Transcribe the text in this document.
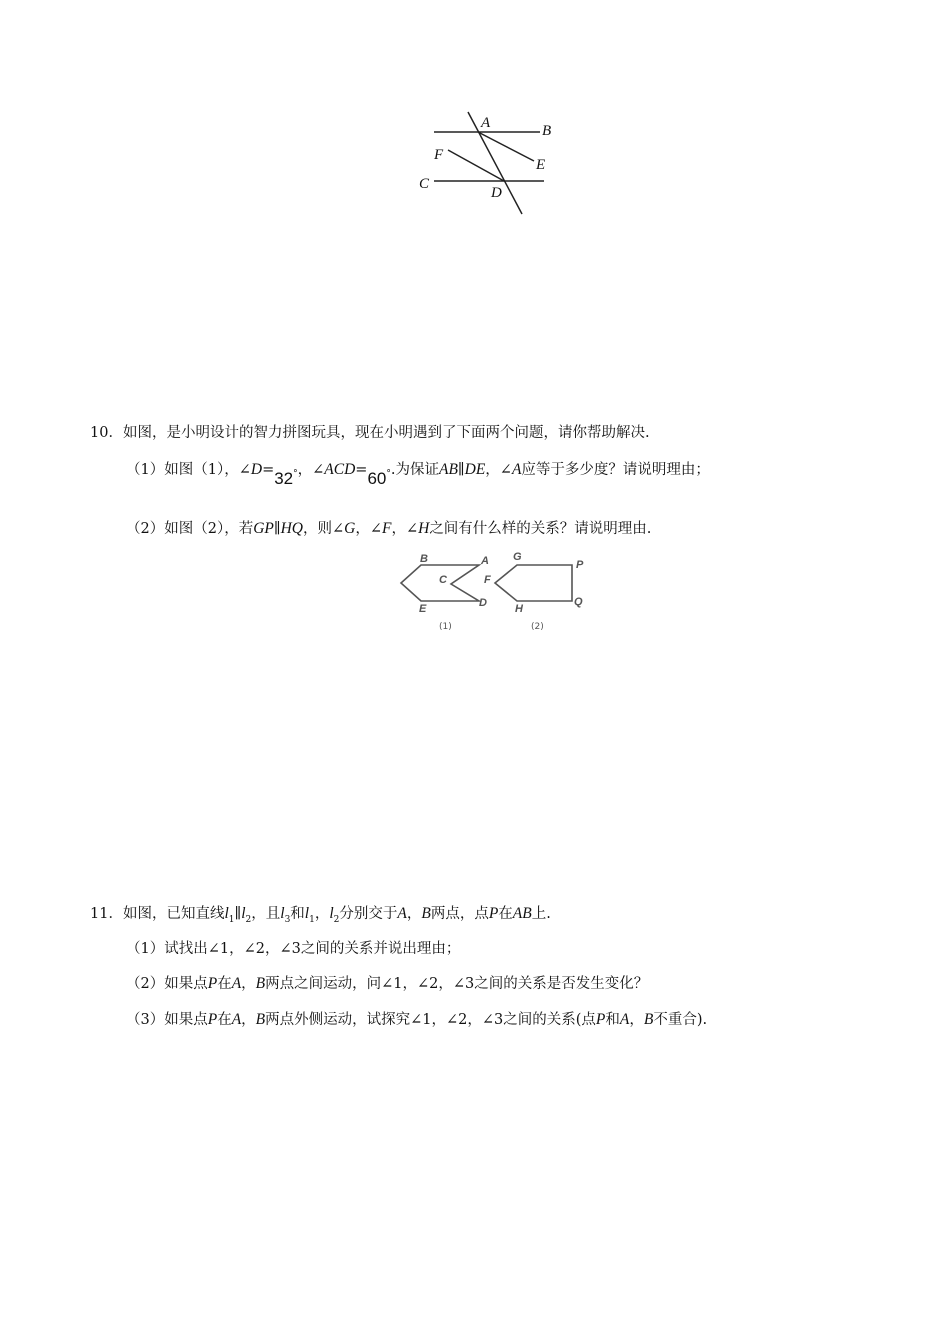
A	B
F
E
C
D
10．如图，是小明设计的智力拼图玩具，现在小明遇到了下面两个问题，请你帮助解决.
（1）如图（1），∠D=32°，∠ACD=60°.为保证AB∥DE，∠A应等于多少度？请说明理由；
（2）如图（2），若GP∥HQ，则∠G，∠F，∠H之间有什么样的关系？请说明理由.
B	A
C
E	D
G
P
F
H
Q
(1)	(2)
11．如图，已知直线$l_1\parallel l_2$，且$l_3$和$l_1$，$l_2$分别交于A，B两点，点P在AB上.
（1）试找出∠1，∠2，∠3之间的关系并说出理由；
（2）如果点P在A，B两点之间运动，问∠1，∠2，∠3之间的关系是否发生变化？
（3）如果点P在A，B两点外侧运动，试探究∠1，∠2，∠3之间的关系(点P和A，B不重合).
